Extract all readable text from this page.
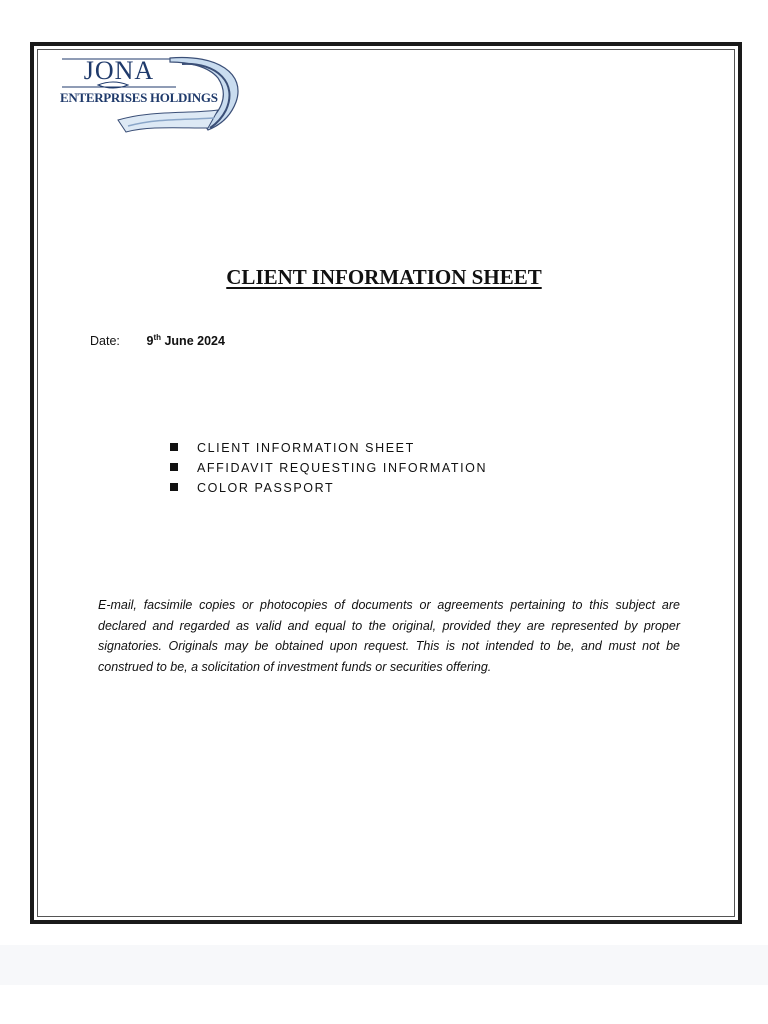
JONA
ENTERPRISES HOLDINGS
CLIENT INFORMATION SHEET
Date: 9th June 2024
CLIENT INFORMATION SHEET
AFFIDAVIT REQUESTING INFORMATION
COLOR PASSPORT

E-mail, facsimile copies or photocopies of documents or agreements pertaining to this subject are declared and regarded as valid and equal to the original, provided they are represented by proper signatories. Originals may be obtained upon request. This is not intended to be, and must not be construed to be, a solicitation of investment funds or securities offering.
